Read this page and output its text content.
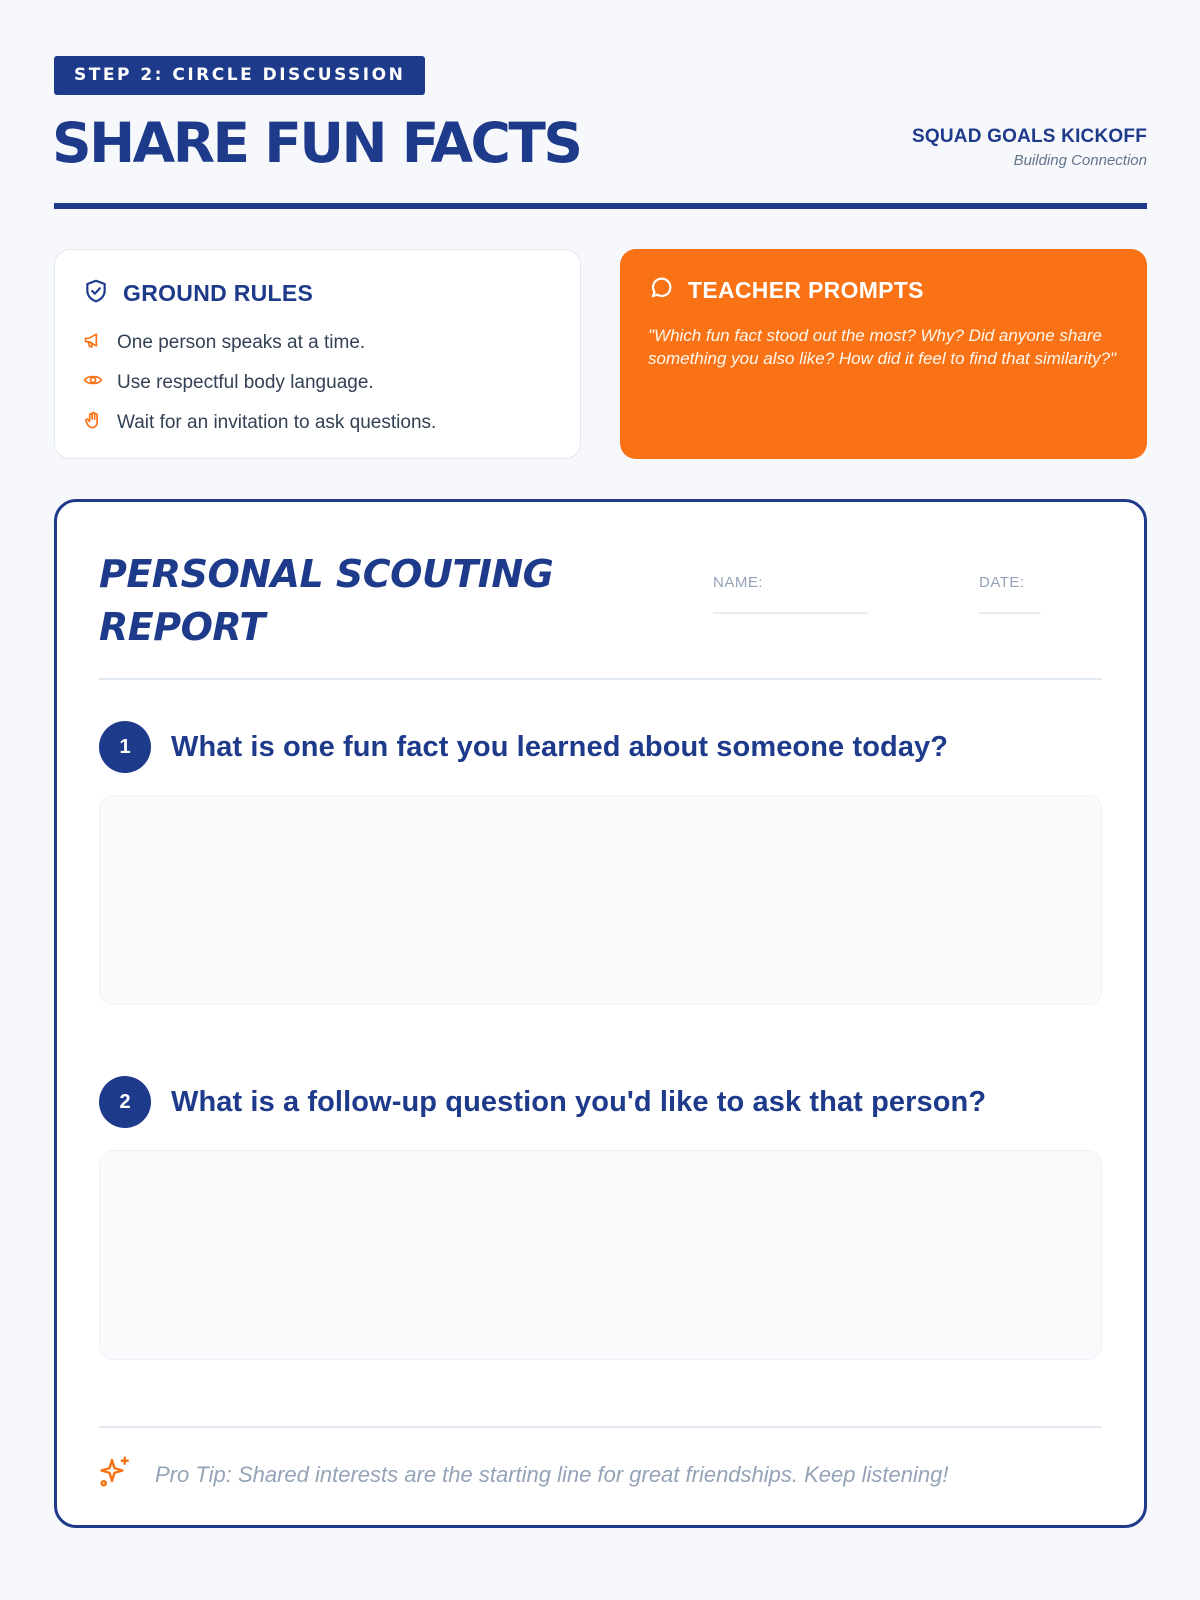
STEP 2: CIRCLE DISCUSSION
SHARE FUN FACTS	SQUAD GOALS KICKOFF
Building Connection
GROUND RULES
One person speaks at a time.
Use respectful body language.
Wait for an invitation to ask questions.
TEACHER PROMPTS
"Which fun fact stood out the most? Why? Did anyone share something you also like? How did it feel to find that similarity?"
PERSONAL SCOUTING
REPORT
NAME:
_______________________
DATE:
_________
1	What is one fun fact you learned about someone today?
2	What is a follow-up question you'd like to ask that person?
Pro Tip: Shared interests are the starting line for great friendships. Keep listening!
